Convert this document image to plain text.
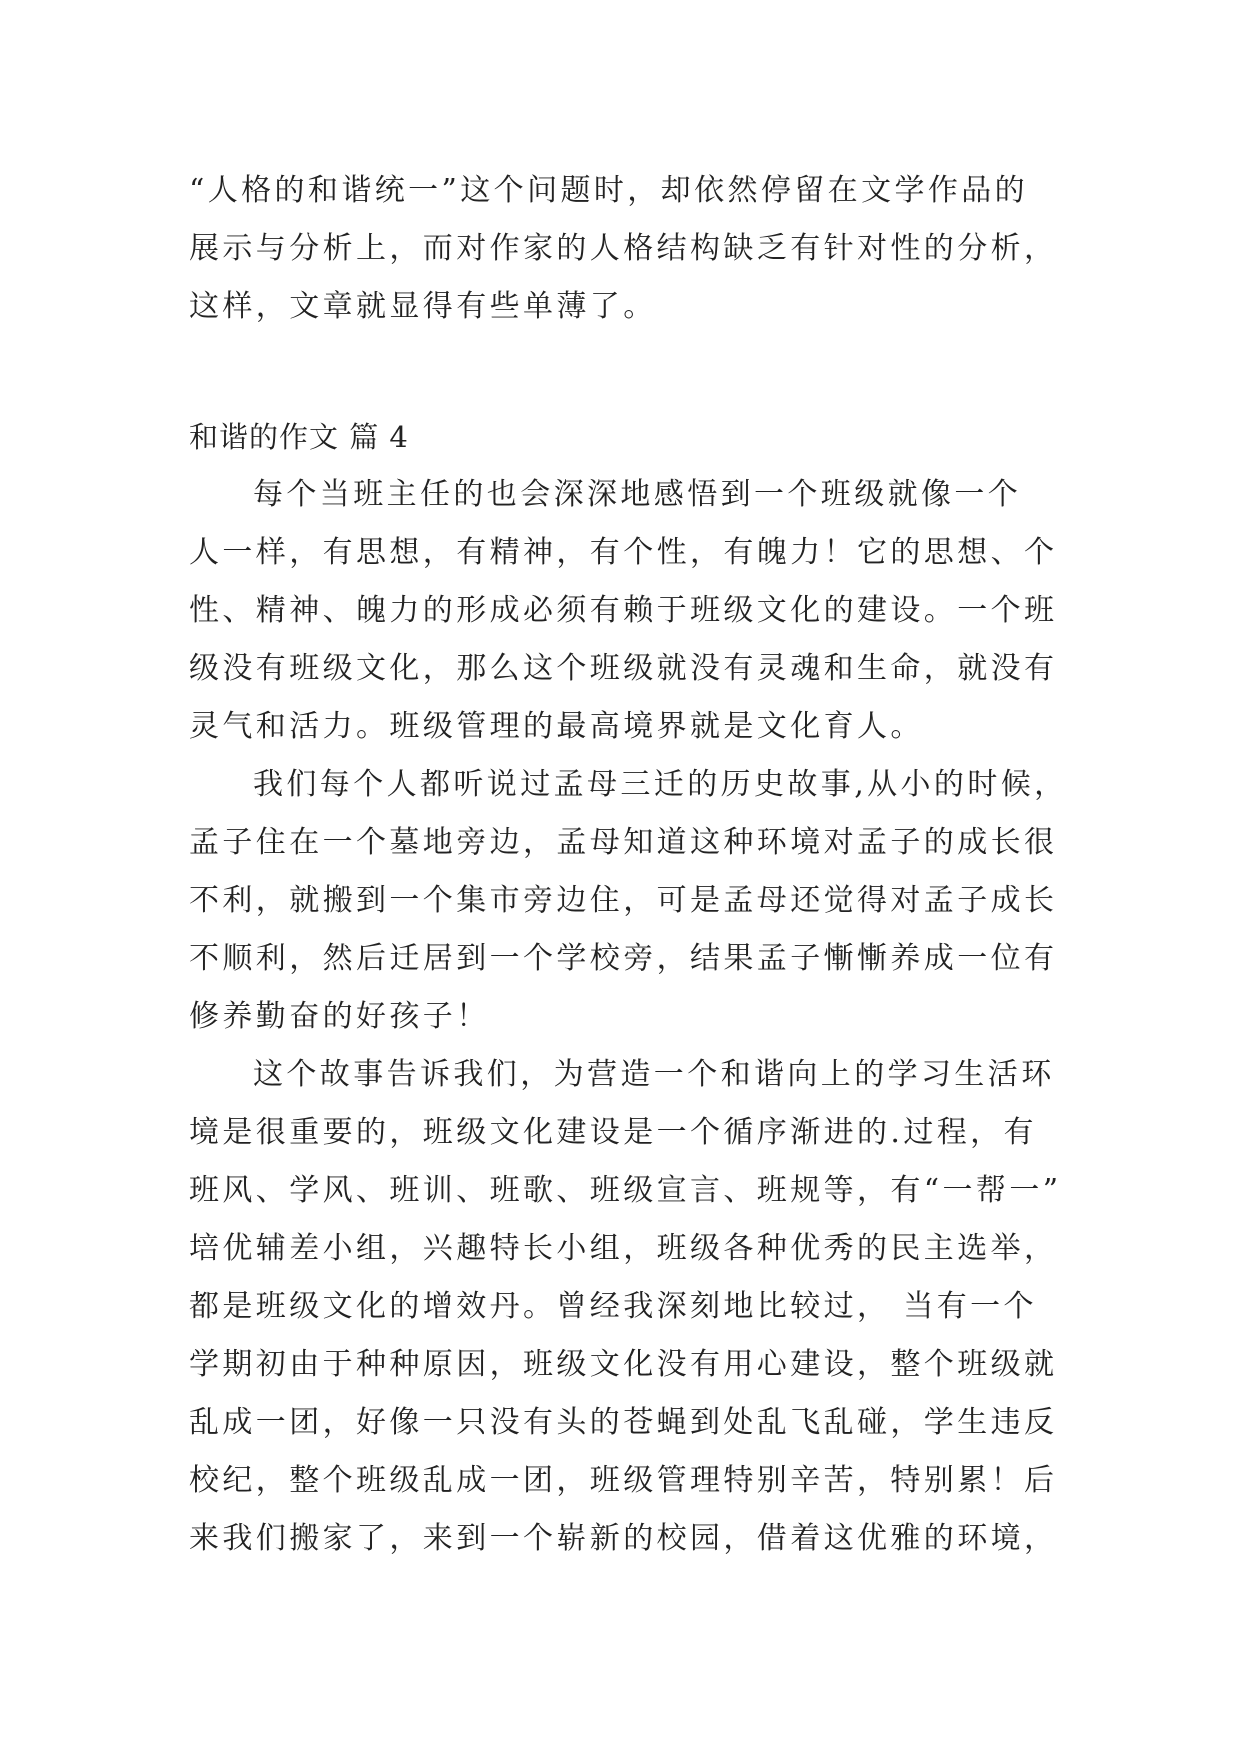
“人格的和谐统一”这个问题时，却依然停留在文学作品的
展示与分析上，而对作家的人格结构缺乏有针对性的分析，
这样，文章就显得有些单薄了。
和谐的作文 篇 4
每个当班主任的也会深深地感悟到一个班级就像一个
人一样，有思想，有精神，有个性，有魄力！它的思想、个
性、精神、魄力的形成必须有赖于班级文化的建设。一个班
级没有班级文化，那么这个班级就没有灵魂和生命，就没有
灵气和活力。班级管理的最高境界就是文化育人。
我们每个人都听说过孟母三迁的历史故事,从小的时候，
孟子住在一个墓地旁边，孟母知道这种环境对孟子的成长很
不利，就搬到一个集市旁边住，可是孟母还觉得对孟子成长
不顺利，然后迁居到一个学校旁，结果孟子慚慚养成一位有
修养勤奋的好孩子！
这个故事告诉我们，为营造一个和谐向上的学习生活环
境是很重要的，班级文化建设是一个循序渐进的.过程，有
班风、学风、班训、班歌、班级宣言、班规等，有“一帮一”
培优辅差小组，兴趣特长小组，班级各种优秀的民主选举，
都是班级文化的增效丹。曾经我深刻地比较过， 当有一个
学期初由于种种原因，班级文化没有用心建设，整个班级就
乱成一团，好像一只没有头的苍蝇到处乱飞乱碰，学生违反
校纪，整个班级乱成一团，班级管理特别辛苦，特别累！后
来我们搬家了，来到一个崭新的校园，借着这优雅的环境，
